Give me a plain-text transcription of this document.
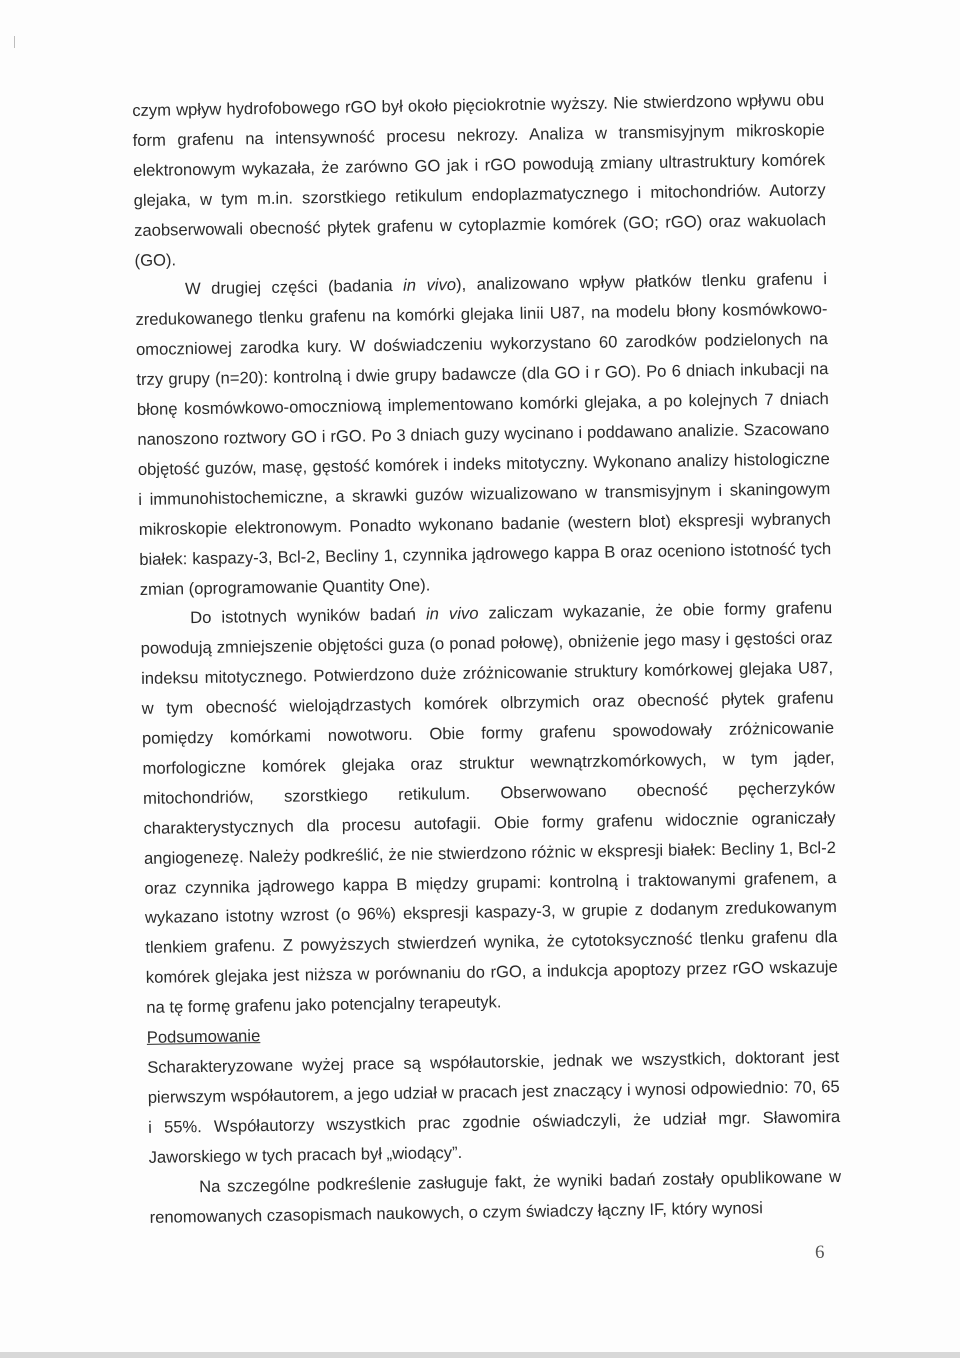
czym wpływ hydrofobowego rGO był około pięciokrotnie wyższy. Nie stwierdzono wpływu obu form grafenu na intensywność procesu nekrozy. Analiza w transmisyjnym mikroskopie elektronowym wykazała, że zarówno GO jak i rGO powodują zmiany ultrastruktury komórek glejaka, w tym m.in. szorstkiego retikulum endoplazmatycznego i mitochondriów. Autorzy zaobserwowali obecność płytek grafenu w cytoplazmie komórek (GO; rGO) oraz wakuolach (GO).

W drugiej części (badania in vivo), analizowano wpływ płatków tlenku grafenu i zredukowanego tlenku grafenu na komórki glejaka linii U87, na modelu błony kosmówkowo-omoczniowej zarodka kury. W doświadczeniu wykorzystano 60 zarodków podzielonych na trzy grupy (n=20): kontrolną i dwie grupy badawcze (dla GO i r GO). Po 6 dniach inkubacji na błonę kosmówkowo-omoczniową implementowano komórki glejaka, a po kolejnych 7 dniach nanoszono roztwory GO i rGO. Po 3 dniach guzy wycinano i poddawano analizie. Szacowano objętość guzów, masę, gęstość komórek i indeks mitotyczny. Wykonano analizy histologiczne i immunohistochemiczne, a skrawki guzów wizualizowano w transmisyjnym i skaningowym mikroskopie elektronowym. Ponadto wykonano badanie (western blot) ekspresji wybranych białek: kaspazy-3, Bcl-2, Becliny 1, czynnika jądrowego kappa B oraz oceniono istotność tych zmian (oprogramowanie Quantity One).

Do istotnych wyników badań in vivo zaliczam wykazanie, że obie formy grafenu powodują zmniejszenie objętości guza (o ponad połowę), obniżenie jego masy i gęstości oraz indeksu mitotycznego. Potwierdzono duże zróżnicowanie struktury komórkowej glejaka U87, w tym obecność wielojądrzastych komórek olbrzymich oraz obecność płytek grafenu pomiędzy komórkami nowotworu. Obie formy grafenu spowodowały zróżnicowanie morfologiczne komórek glejaka oraz struktur wewnątrzkomórkowych, w tym jąder, mitochondriów, szorstkiego retikulum. Obserwowano obecność pęcherzyków charakterystycznych dla procesu autofagii. Obie formy grafenu widocznie ograniczały angiogenezę. Należy podkreślić, że nie stwierdzono różnic w ekspresji białek: Becliny 1, Bcl-2 oraz czynnika jądrowego kappa B między grupami: kontrolną i traktowanymi grafenem, a wykazano istotny wzrost (o 96%) ekspresji kaspazy-3, w grupie z dodanym zredukowanym tlenkiem grafenu. Z powyższych stwierdzeń wynika, że cytotoksyczność tlenku grafenu dla komórek glejaka jest niższa w porównaniu do rGO, a indukcja apoptozy przez rGO wskazuje na tę formę grafenu jako potencjalny terapeutyk.

Podsumowanie

Scharakteryzowane wyżej prace są współautorskie, jednak we wszystkich, doktorant jest pierwszym współautorem, a jego udział w pracach jest znaczący i wynosi odpowiednio: 70, 65 i 55%. Współautorzy wszystkich prac zgodnie oświadczyli, że udział mgr. Sławomira Jaworskiego w tych pracach był „wiodący”.

Na szczególne podkreślenie zasługuje fakt, że wyniki badań zostały opublikowane w renomowanych czasopismach naukowych, o czym świadczy łączny IF, który wynosi

6
